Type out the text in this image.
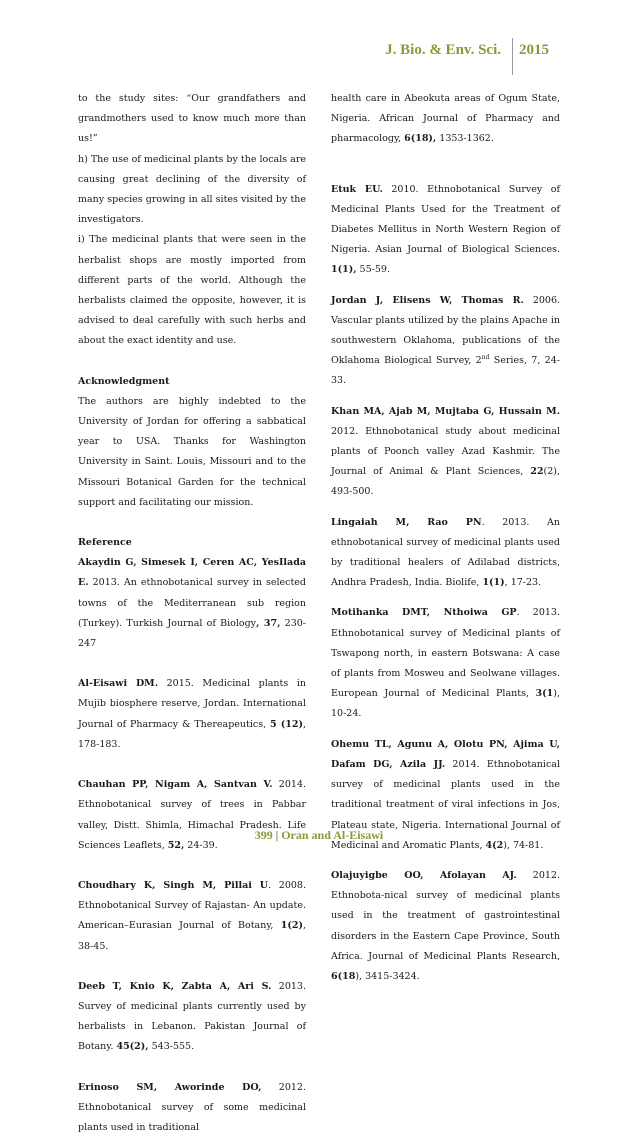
J. Bio. & Env. Sci. 2015

to the study sites: “Our grandfathers and grandmothers used to know much more than us!”

h) The use of medicinal plants by the locals are causing great declining of the diversity of many species growing in all sites visited by the investigators.

i) The medicinal plants that were seen in the herbalist shops are mostly imported from different parts of the world. Although the herbalists claimed the opposite, however, it is advised to deal carefully with such herbs and about the exact identity and use.

Acknowledgment

The authors are highly indebted to the University of Jordan for offering a sabbatical year to USA. Thanks for Washington University in Saint. Louis, Missouri and to the Missouri Botanical Garden for the technical support and facilitating our mission.

Reference

Akaydin G, Simesek I, Ceren AC, YesIlada E. 2013. An ethnobotanical survey in selected towns of the Mediterranean sub region (Turkey). Turkish Journal of Biology, 37, 230-247

Al-Eisawi DM. 2015. Medicinal plants in Mujib biosphere reserve, Jordan. International Journal of Pharmacy & Thereapeutics, 5 (12), 178-183.

Chauhan PP, Nigam A, Santvan V. 2014. Ethnobotanical survey of trees in Pabbar valley, Distt. Shimla, Himachal Pradesh. Life Sciences Leaflets, 52, 24-39.

Choudhary K, Singh M, Pillai U. 2008. Ethnobotanical Survey of Rajastan- An update. American–Eurasian Journal of Botany, 1(2), 38-45.

Deeb T, Knio K, Zabta A, Ari S. 2013. Survey of medicinal plants currently used by herbalists in Lebanon. Pakistan Journal of Botany. 45(2), 543-555.

Erinoso SM, Aworinde DO, 2012. Ethnobotanical survey of some medicinal plants used in traditional

health care in Abeokuta areas of Ogum State, Nigeria. African Journal of Pharmacy and pharmacology, 6(18), 1353-1362.

Etuk EU. 2010. Ethnobotanical Survey of Medicinal Plants Used for the Treatment of Diabetes Mellitus in North Western Region of Nigeria. Asian Journal of Biological Sciences. 1(1), 55-59.

Jordan J, Elisens W, Thomas R. 2006. Vascular plants utilized by the plains Apache in southwestern Oklahoma, publications of the Oklahoma Biological Survey, 2nd Series, 7, 24-33.

Khan MA, Ajab M, Mujtaba G, Hussain M. 2012. Ethnobotanical study about medicinal plants of Poonch valley Azad Kashmir. The Journal of Animal & Plant Sciences, 22(2), 493-500.

Lingaiah M, Rao PN. 2013. An ethnobotanical survey of medicinal plants used by traditional healers of Adilabad districts, Andhra Pradesh, India. Biolife, 1(1), 17-23.

Motihanka DMT, Nthoiwa GP. 2013. Ethnobotanical survey of Medicinal plants of Tswapong north, in eastern Botswana: A case of plants from Mosweu and Seolwane villages. European Journal of Medicinal Plants, 3(1), 10-24.

Ohemu TL, Agunu A, Olotu PN, Ajima U, Dafam DG, Azila JJ. 2014. Ethnobotanical survey of medicinal plants used in the traditional treatment of viral infections in Jos, Plateau state, Nigeria. International Journal of Medicinal and Aromatic Plants, 4(2), 74-81.

Olajuyigbe OO, Afolayan AJ. 2012. Ethnobota-nical survey of medicinal plants used in the treatment of gastrointestinal disorders in the Eastern Cape Province, South Africa. Journal of Medicinal Plants Research, 6(18), 3415-3424.

399 | Oran and Al-Eisawi
